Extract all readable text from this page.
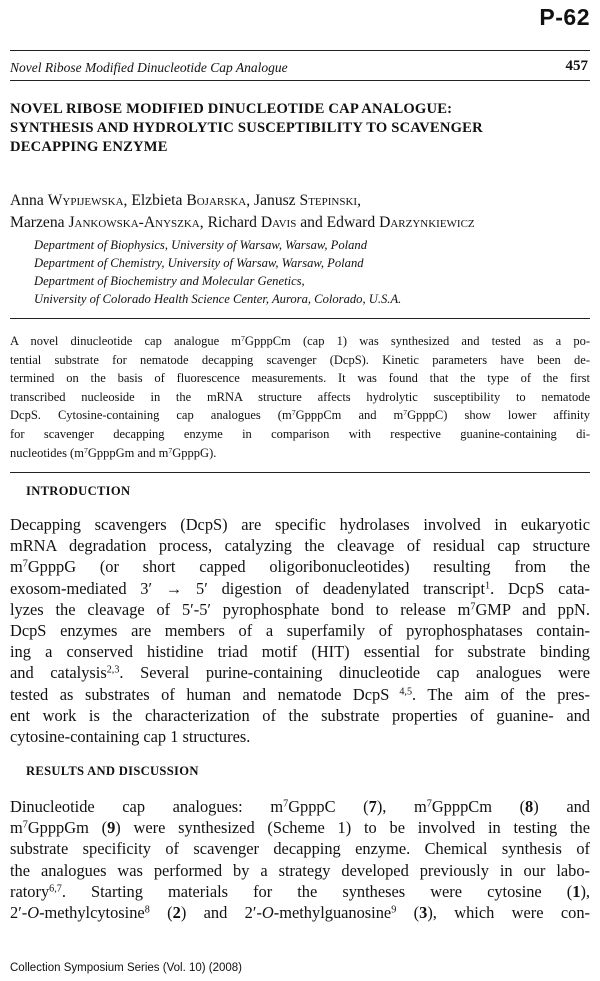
P-62
Novel Ribose Modified Dinucleotide Cap Analogue	457
NOVEL RIBOSE MODIFIED DINUCLEOTIDE CAP ANALOGUE:
SYNTHESIS AND HYDROLYTIC SUSCEPTIBILITY TO SCAVENGER
DECAPPING ENZYME
Anna Wypijewska, Elzbieta Bojarska, Janusz Stepinski,
Marzena Jankowska-Anyszka, Richard Davis and Edward Darzynkiewicz
Department of Biophysics, University of Warsaw, Warsaw, Poland
Department of Chemistry, University of Warsaw, Warsaw, Poland
Department of Biochemistry and Molecular Genetics,
University of Colorado Health Science Center, Aurora, Colorado, U.S.A.

A novel dinucleotide cap analogue $m^7GpppCm$ (cap 1) was synthesized and tested as a po-
tential substrate for nematode decapping scavenger (DcpS). Kinetic parameters have been de-
termined on the basis of fluorescence measurements. It was found that the type of the first
transcribed nucleoside in the mRNA structure affects hydrolytic susceptibility to nematode
DcpS. Cytosine-containing cap analogues ($m^7GpppCm$ and $m^7GpppC$) show lower affinity
for scavenger decapping enzyme in comparison with respective guanine-containing di-
nucleotides ($m^7GpppGm$ and $m^7GpppG$).

INTRODUCTION

Decapping scavengers (DcpS) are specific hydrolases involved in eukaryotic
mRNA degradation process, catalyzing the cleavage of residual cap structure
$m^7GpppG$ (or short capped oligoribonucleotides) resulting from the
exosom-mediated 3′ → 5′ digestion of deadenylated transcript$^1$. DcpS cata-
lyzes the cleavage of 5′-5′ pyrophosphate bond to release $m^7GMP$ and ppN.
DcpS enzymes are members of a superfamily of pyrophosphatases contain-
ing a conserved histidine triad motif (HIT) essential for substrate binding
and catalysis$^{2,3}$. Several purine-containing dinucleotide cap analogues were
tested as substrates of human and nematode DcpS $^{4,5}$. The aim of the pres-
ent work is the characterization of the substrate properties of guanine- and
cytosine-containing cap 1 structures.

RESULTS AND DISCUSSION

Dinucleotide cap analogues: $m^7GpppC$ (7), $m^7GpppCm$ (8) and
$m^7GpppGm$ (9) were synthesized (Scheme 1) to be involved in testing the
substrate specificity of scavenger decapping enzyme. Chemical synthesis of
the analogues was performed by a strategy developed previously in our labo-
ratory$^{6,7}$. Starting materials for the syntheses were cytosine (1),
2′-O-methylcytosine$^8$ (2) and 2′-O-methylguanosine$^9$ (3), which were con-

Collection Symposium Series (Vol. 10) (2008)
